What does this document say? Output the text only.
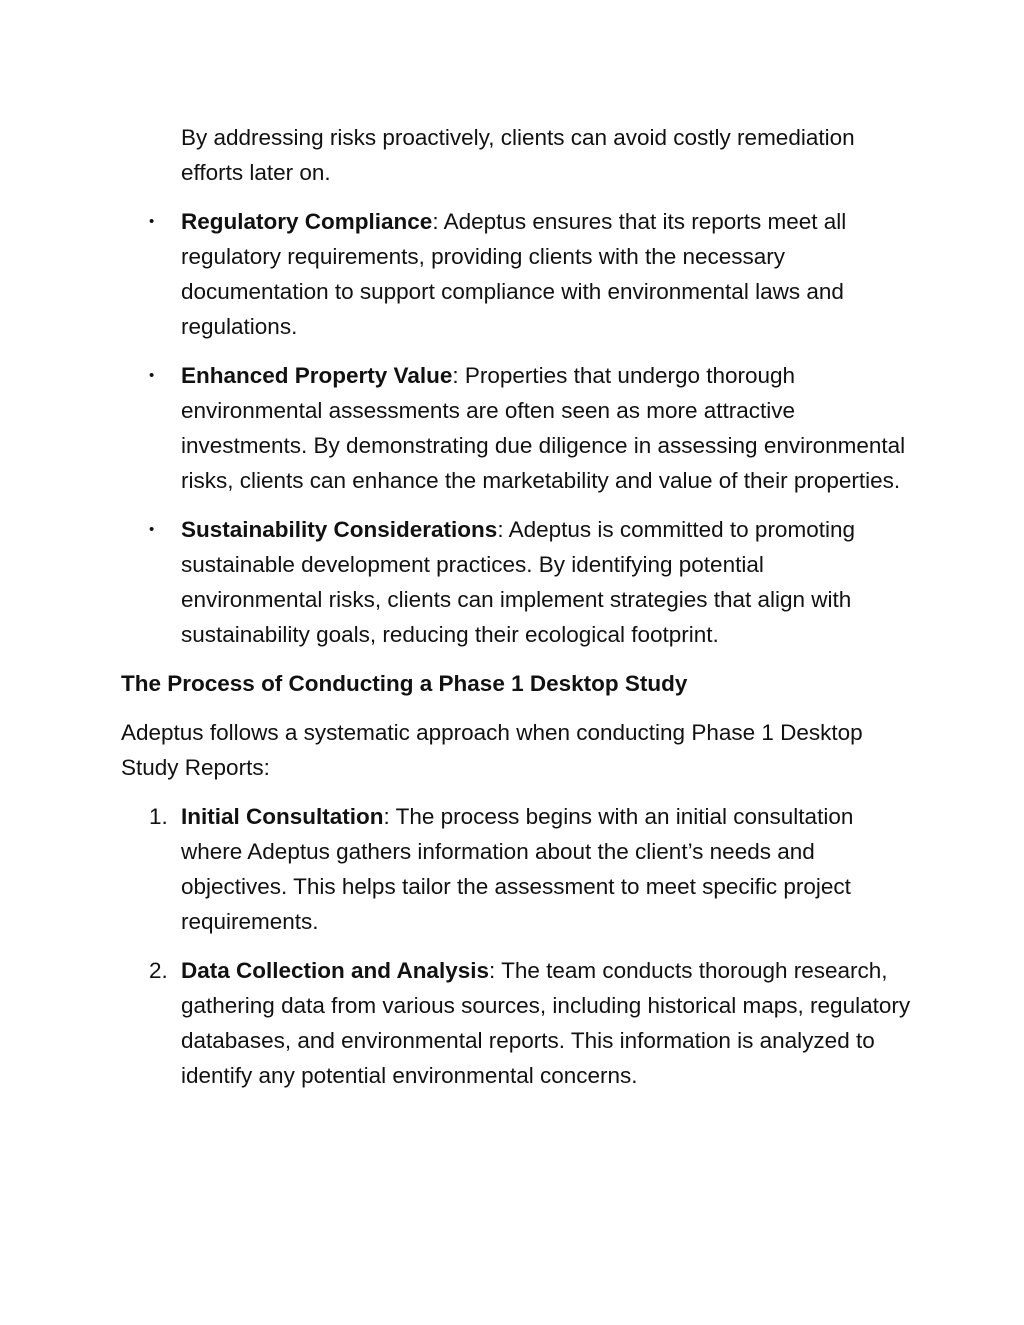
By addressing risks proactively, clients can avoid costly remediation efforts later on.

• Regulatory Compliance: Adeptus ensures that its reports meet all regulatory requirements, providing clients with the necessary documentation to support compliance with environmental laws and regulations.
• Enhanced Property Value: Properties that undergo thorough environmental assessments are often seen as more attractive investments. By demonstrating due diligence in assessing environmental risks, clients can enhance the marketability and value of their properties.
• Sustainability Considerations: Adeptus is committed to promoting sustainable development practices. By identifying potential environmental risks, clients can implement strategies that align with sustainability goals, reducing their ecological footprint.
The Process of Conducting a Phase 1 Desktop Study

Adeptus follows a systematic approach when conducting Phase 1 Desktop Study Reports:

1. Initial Consultation: The process begins with an initial consultation where Adeptus gathers information about the client’s needs and objectives. This helps tailor the assessment to meet specific project requirements.
2. Data Collection and Analysis: The team conducts thorough research, gathering data from various sources, including historical maps, regulatory databases, and environmental reports. This information is analyzed to identify any potential environmental concerns.
